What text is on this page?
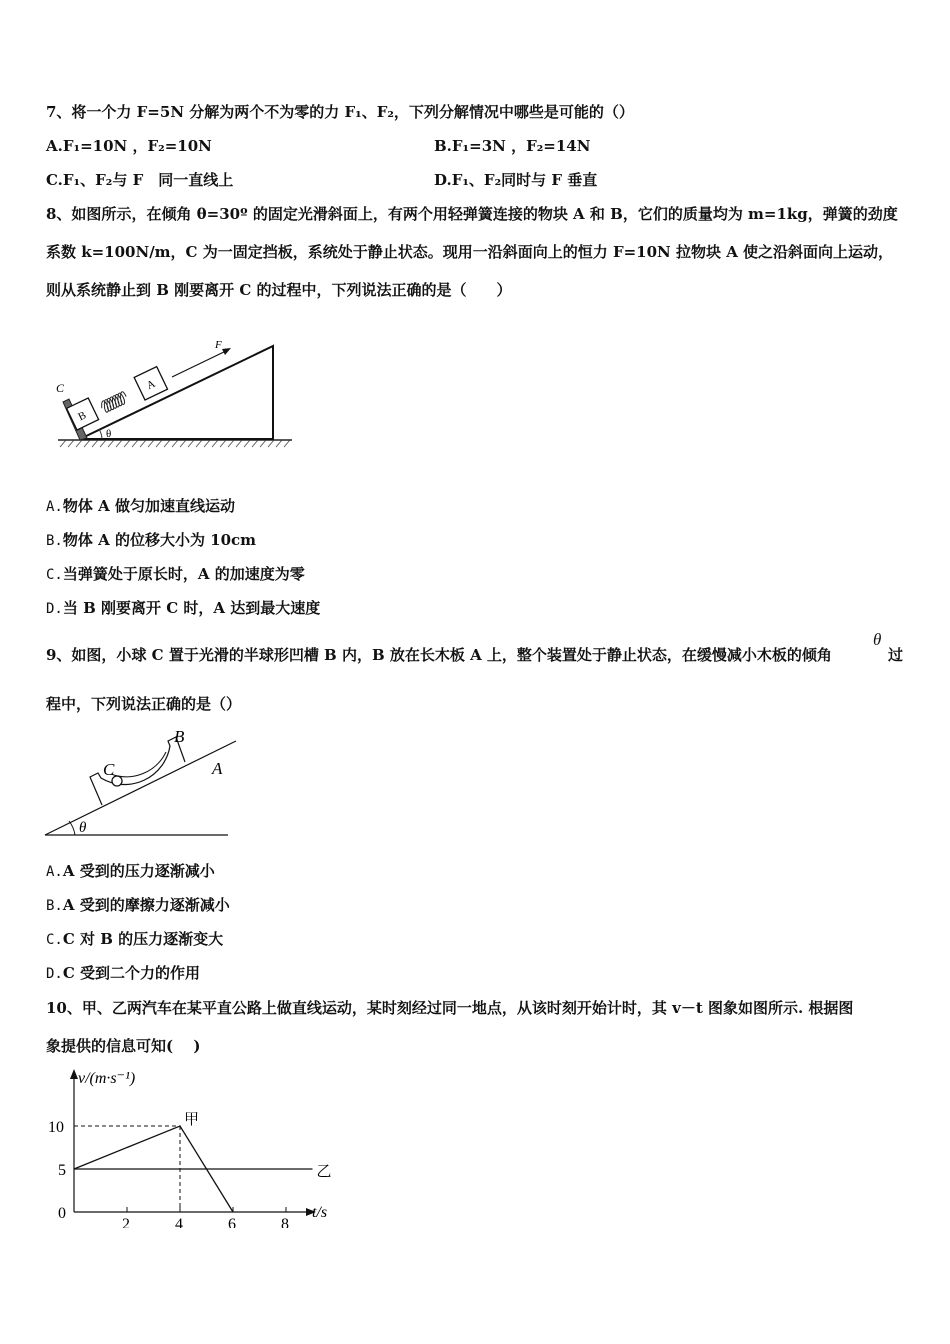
7、将一个力 F=5N 分解为两个不为零的力 F₁、F₂，下列分解情况中哪些是可能的（）
A.F₁=10N ，F₂=10N	B.F₁=3N ，F₂=14N
C.F₁、F₂与 F　同一直线上	D.F₁、F₂同时与 F 垂直
8、如图所示，在倾角 θ=30º 的固定光滑斜面上，有两个用轻弹簧连接的物块 A 和 B，它们的质量均为 m=1kg，弹簧的劲度
系数 k=100N/m，C 为一固定挡板，系统处于静止状态。现用一沿斜面向上的恒力 F=10N 拉物块 A 使之沿斜面向上运动，
则从系统静止到 B 刚要离开 C 的过程中，下列说法正确的是（　　）
θ
C
B
A
F
A.物体 A 做匀加速直线运动
B.物体 A 的位移大小为 10cm
C.当弹簧处于原长时，A 的加速度为零
D.当 B 刚要离开 C 时，A 达到最大速度
9、如图，小球 C 置于光滑的半球形凹槽 B 内，B 放在长木板 A 上，整个装置处于静止状态，在缓慢减小木板的倾角
θ
过
程中，下列说法正确的是（）
θ
C
B
A
A.A 受到的压力逐渐减小
B.A 受到的摩擦力逐渐减小
C.C 对 B 的压力逐渐变大
D.C 受到二个力的作用
10、甲、乙两汽车在某平直公路上做直线运动，某时刻经过同一地点，从该时刻开始计时，其 v－t 图象如图所示. 根据图
象提供的信息可知(　 )
v/(m·s⁻¹)
t/s
2	4	6	8
10
5
0
甲
乙
